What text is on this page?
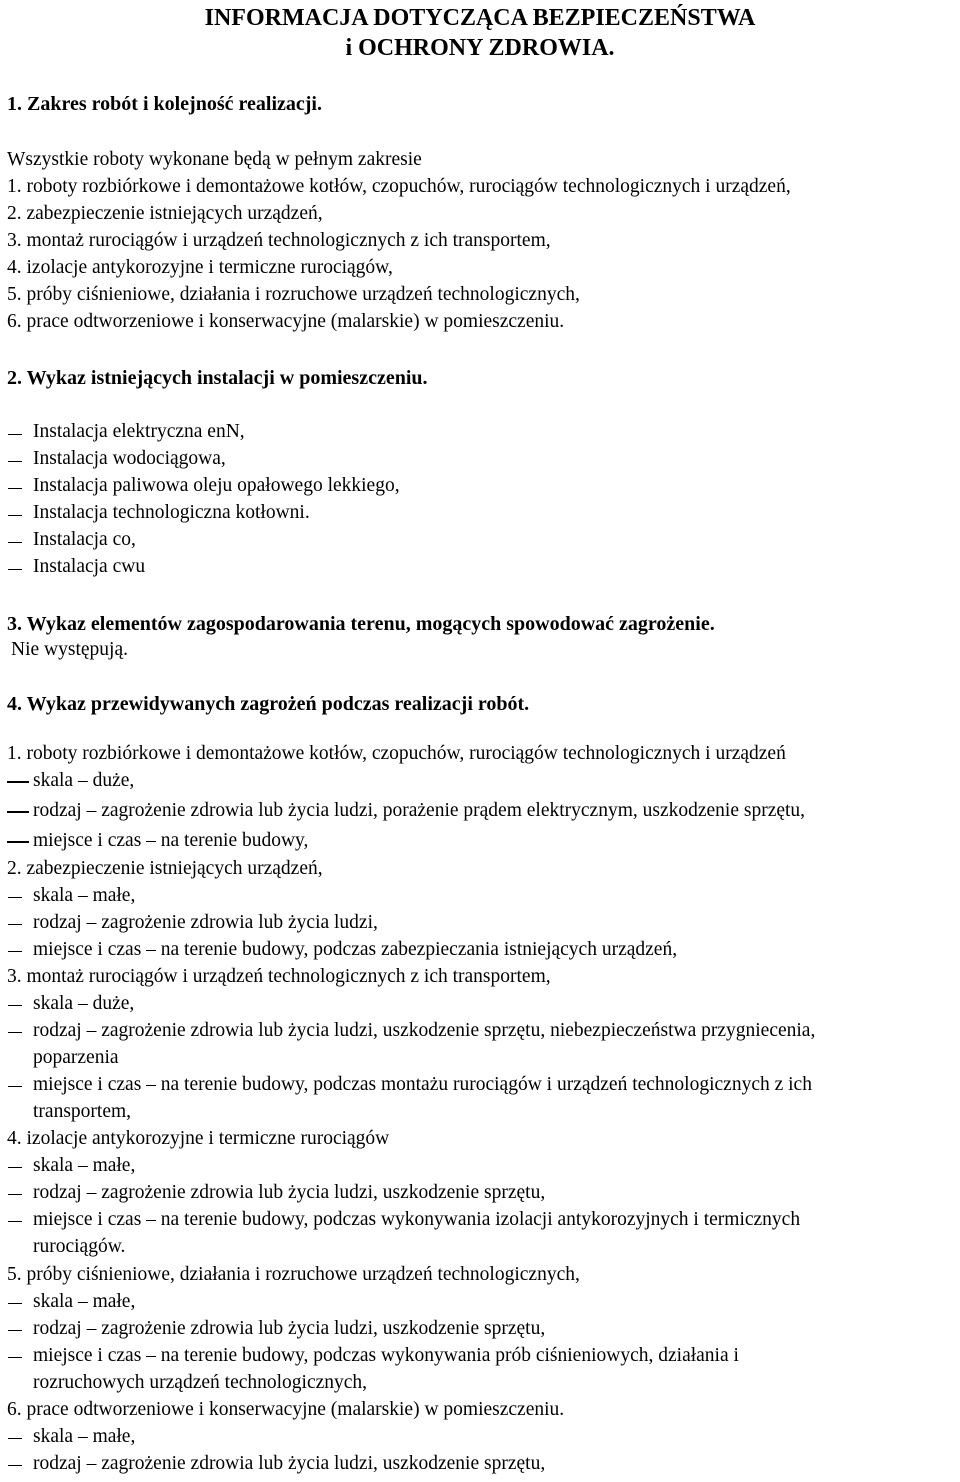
INFORMACJA DOTYCZĄCA BEZPIECZEŃSTWA
i OCHRONY ZDROWIA.
1. Zakres robót i kolejność realizacji.
Wszystkie roboty wykonane będą w pełnym zakresie
1. roboty rozbiórkowe i demontażowe kotłów, czopuchów, rurociągów technologicznych i urządzeń,
2. zabezpieczenie istniejących urządzeń,
3. montaż rurociągów i urządzeń technologicznych z ich transportem,
4. izolacje antykorozyjne i termiczne rurociągów,
5. próby ciśnieniowe, działania i rozruchowe urządzeń technologicznych,
6. prace odtworzeniowe i konserwacyjne (malarskie) w pomieszczeniu.
2. Wykaz istniejących instalacji w pomieszczeniu.
Instalacja elektryczna enN,
Instalacja wodociągowa,
Instalacja paliwowa oleju opałowego lekkiego,
Instalacja technologiczna kotłowni.
Instalacja co,
Instalacja cwu
3. Wykaz elementów zagospodarowania terenu, mogących spowodować zagrożenie.
Nie występują.
4. Wykaz przewidywanych zagrożeń podczas realizacji robót.
1. roboty rozbiórkowe i demontażowe kotłów, czopuchów, rurociągów technologicznych i urządzeń
skala – duże,
rodzaj – zagrożenie zdrowia lub życia ludzi, porażenie prądem elektrycznym, uszkodzenie sprzętu,
miejsce i czas – na terenie budowy,
2. zabezpieczenie istniejących urządzeń,
skala – małe,
rodzaj – zagrożenie zdrowia lub życia ludzi,
miejsce i czas – na terenie budowy, podczas zabezpieczania istniejących urządzeń,
3. montaż rurociągów i urządzeń technologicznych z ich transportem,
skala – duże,
rodzaj – zagrożenie zdrowia lub życia ludzi, uszkodzenie sprzętu, niebezpieczeństwa przygniecenia,
poparzenia
miejsce i czas – na terenie budowy, podczas montażu rurociągów i urządzeń technologicznych z ich
transportem,
4. izolacje antykorozyjne i termiczne rurociągów
skala – małe,
rodzaj – zagrożenie zdrowia lub życia ludzi, uszkodzenie sprzętu,
miejsce i czas – na terenie budowy, podczas wykonywania izolacji antykorozyjnych i termicznych
rurociągów.
5. próby ciśnieniowe, działania i rozruchowe urządzeń technologicznych,
skala – małe,
rodzaj – zagrożenie zdrowia lub życia ludzi, uszkodzenie sprzętu,
miejsce i czas – na terenie budowy, podczas wykonywania prób ciśnieniowych, działania i
rozruchowych urządzeń technologicznych,
6. prace odtworzeniowe i konserwacyjne (malarskie) w pomieszczeniu.
skala – małe,
rodzaj – zagrożenie zdrowia lub życia ludzi, uszkodzenie sprzętu,
